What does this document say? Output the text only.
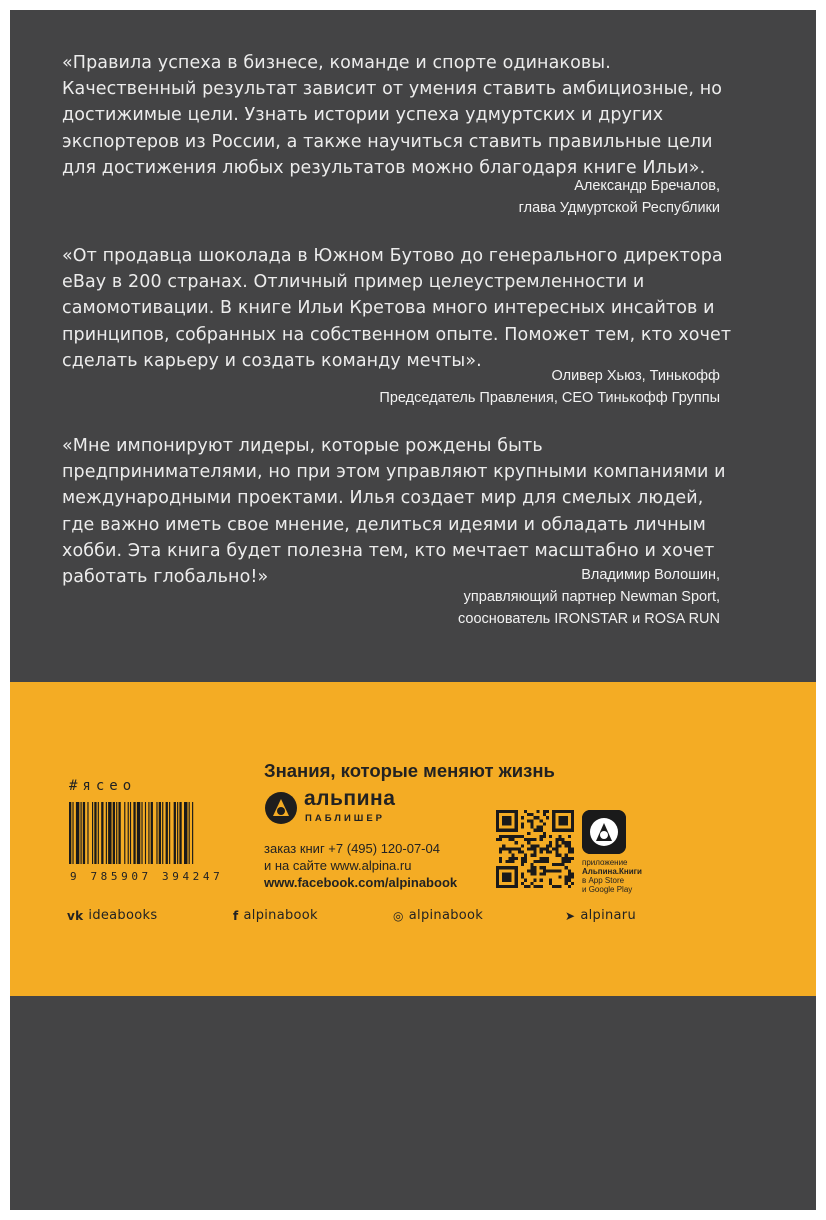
«Правила успеха в бизнесе, команде и спорте одинаковы. Качественный результат зависит от умения ставить амбициозные, но достижимые цели. Узнать истории успеха удмуртских и других экспортеров из России, а также научиться ставить правильные цели для достижения любых результатов можно благодаря книге Ильи».

Александр Бречалов,
глава Удмуртской Республики

«От продавца шоколада в Южном Бутово до генерального директора eBay в 200 странах. Отличный пример целеустремленности и самомотивации. В книге Ильи Кретова много интересных инсайтов и принципов, собранных на собственном опыте. Поможет тем, кто хочет сделать карьеру и создать команду мечты».

Оливер Хьюз, Тинькофф
Председатель Правления, CEO Тинькофф Группы

«Мне импонируют лидеры, которые рождены быть предпринимателями, но при этом управляют крупными компаниями и международными проектами. Илья создает мир для смелых людей, где важно иметь свое мнение, делиться идеями и обладать личным хобби. Эта книга будет полезна тем, кто мечтает масштабно и хочет работать глобально!»	Владимир Волошин,
управляющий партнер Newman Sport,
сооснователь IRONSTAR и ROSA RUN
Знания, которые меняют жизнь
#яceo
9 785907 394247
альпина
ПАБЛИШЕР
заказ книг +7 (495) 120-07-04
и на сайте www.alpina.ru
www.facebook.com/alpinabook
приложение
Альпина.Книги
в App Store
и Google Play
vk ideabooks	f alpinabook	◎ alpinabook	➤ alpinaru
